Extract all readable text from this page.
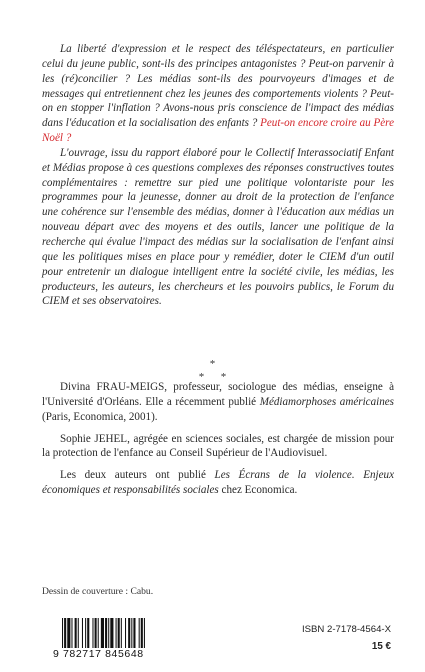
La liberté d'expression et le respect des téléspectateurs, en particulier celui du jeune public, sont-ils des principes antagonistes ? Peut-on parvenir à les (ré)concilier ? Les médias sont-ils des pourvoyeurs d'images et de messages qui entretiennent chez les jeunes des comportements violents ? Peut-on en stopper l'inflation ? Avons-nous pris conscience de l'impact des médias dans l'éducation et la socialisation des enfants ? Peut-on encore croire au Père Noël ?

L'ouvrage, issu du rapport élaboré pour le Collectif Interassociatif Enfant et Médias propose à ces questions complexes des réponses constructives toutes complémentaires : remettre sur pied une politique volontariste pour les programmes pour la jeunesse, donner au droit de la protection de l'enfance une cohérence sur l'ensemble des médias, donner à l'éducation aux médias un nouveau départ avec des moyens et des outils, lancer une politique de la recherche qui évalue l'impact des médias sur la socialisation de l'enfant ainsi que les politiques mises en place pour y remédier, doter le CIEM d'un outil pour entretenir un dialogue intelligent entre la société civile, les médias, les producteurs, les auteurs, les chercheurs et les pouvoirs publics, le Forum du CIEM et ses observatoires.

*
*      *

Divina FRAU-MEIGS, professeur, sociologue des médias, enseigne à l'Université d'Orléans. Elle a récemment publié Médiamorphoses américaines (Paris, Economica, 2001).

Sophie JEHEL, agrégée en sciences sociales, est chargée de mission pour la protection de l'enfance au Conseil Supérieur de l'Audiovisuel.

Les deux auteurs ont publié Les Écrans de la violence. Enjeux économiques et responsabilités sociales chez Economica.

Dessin de couverture : Cabu.
9 782717 845648
ISBN 2-7178-4564-X
15 €
